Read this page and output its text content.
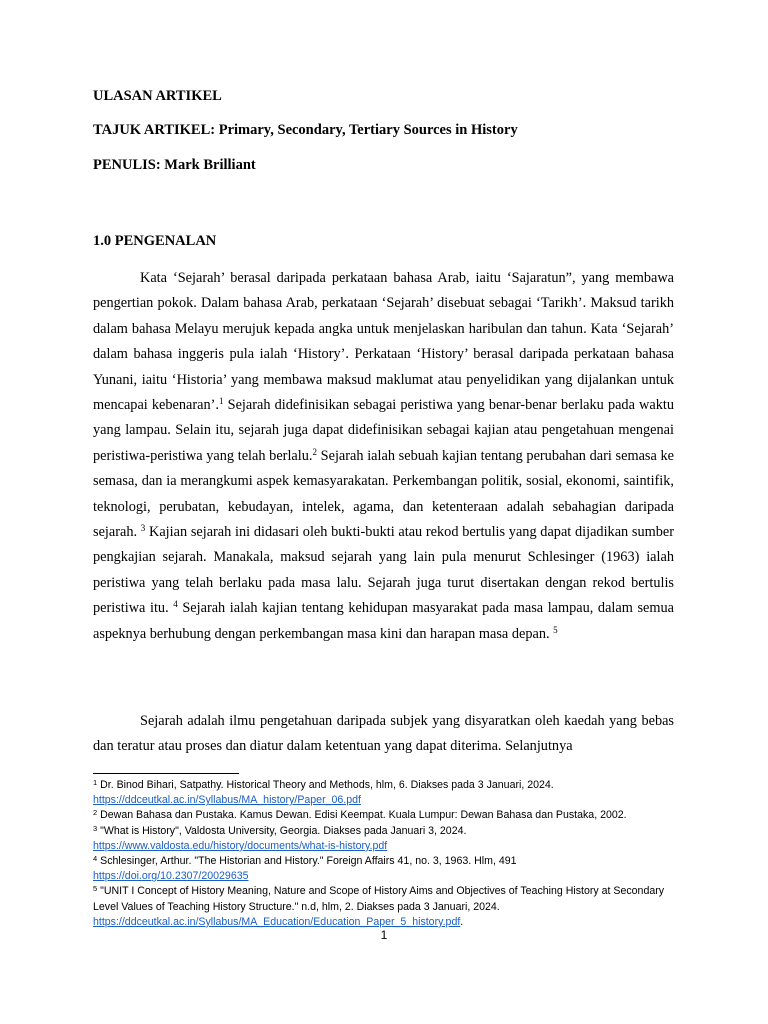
ULASAN ARTIKEL
TAJUK ARTIKEL: Primary, Secondary, Tertiary Sources in History
PENULIS: Mark Brilliant
1.0 PENGENALAN

Kata ‘Sejarah’ berasal daripada perkataan bahasa Arab, iaitu ‘Sajaratun”, yang membawa pengertian pokok. Dalam bahasa Arab, perkataan ‘Sejarah’ disebuat sebagai ‘Tarikh’. Maksud tarikh dalam bahasa Melayu merujuk kepada angka untuk menjelaskan haribulan dan tahun. Kata ‘Sejarah’ dalam bahasa inggeris pula ialah ‘History’. Perkataan ‘History’ berasal daripada perkataan bahasa Yunani, iaitu ‘Historia’ yang membawa maksud maklumat atau penyelidikan yang dijalankan untuk mencapai kebenaran’.$^1$ Sejarah didefinisikan sebagai peristiwa yang benar-benar berlaku pada waktu yang lampau. Selain itu, sejarah juga dapat didefinisikan sebagai kajian atau pengetahuan mengenai peristiwa-peristiwa yang telah berlalu.$^2$ Sejarah ialah sebuah kajian tentang perubahan dari semasa ke semasa, dan ia merangkumi aspek kemasyarakatan. Perkembangan politik, sosial, ekonomi, saintifik, teknologi, perubatan, kebudayan, intelek, agama, dan ketenteraan adalah sebahagian daripada sejarah. $^3$ Kajian sejarah ini didasari oleh bukti-bukti atau rekod bertulis yang dapat dijadikan sumber pengkajian sejarah. Manakala, maksud sejarah yang lain pula menurut Schlesinger (1963) ialah peristiwa yang telah berlaku pada masa lalu. Sejarah juga turut disertakan dengan rekod bertulis peristiwa itu. $^4$ Sejarah ialah kajian tentang kehidupan masyarakat pada masa lampau, dalam semua aspeknya berhubung dengan perkembangan masa kini dan harapan masa depan. $^5$

Sejarah adalah ilmu pengetahuan daripada subjek yang disyaratkan oleh kaedah yang bebas dan teratur atau proses dan diatur dalam ketentuan yang dapat diterima. Selanjutnya

$^1$ Dr. Binod Bihari, Satpathy. Historical Theory and Methods, hlm, 6. Diakses pada 3 Januari, 2024.
https://ddceutkal.ac.in/Syllabus/MA_history/Paper_06.pdf

$^2$ Dewan Bahasa dan Pustaka. Kamus Dewan. Edisi Keempat. Kuala Lumpur: Dewan Bahasa dan Pustaka, 2002.

$^3$ "What is History", Valdosta University, Georgia. Diakses pada Januari 3, 2024.
https://www.valdosta.edu/history/documents/what-is-history.pdf

$^4$ Schlesinger, Arthur. "The Historian and History." Foreign Affairs 41, no. 3, 1963. Hlm, 491
https://doi.org/10.2307/20029635

$^5$ "UNIT I Concept of History Meaning, Nature and Scope of History Aims and Objectives of Teaching History at Secondary Level Values of Teaching History Structure." n.d, hlm, 2. Diakses pada 3 Januari, 2024.
https://ddceutkal.ac.in/Syllabus/MA_Education/Education_Paper_5_history.pdf.

1
